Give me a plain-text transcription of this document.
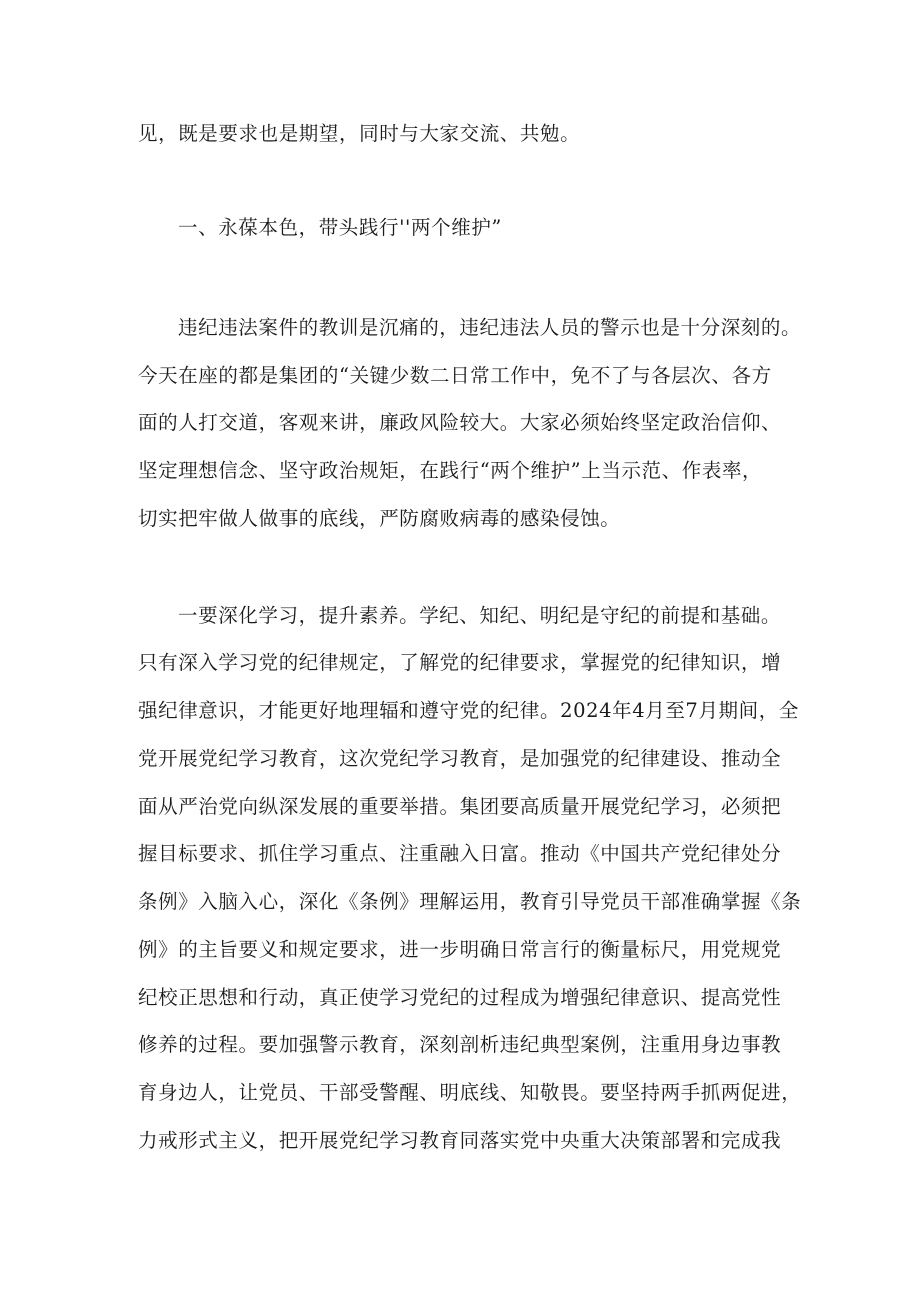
见，既是要求也是期望，同时与大家交流、共勉。
一、永葆本色，带头践行''两个维护”
违纪违法案件的教训是沉痛的，违纪违法人员的警示也是十分深刻的。
今天在座的都是集团的“关键少数二日常工作中，免不了与各层次、各方
面的人打交道，客观来讲，廉政风险较大。大家必须始终坚定政治信仰、
坚定理想信念、坚守政治规矩，在践行“两个维护”上当示范、作表率，
切实把牢做人做事的底线，严防腐败病毒的感染侵蚀。
一要深化学习，提升素养。学纪、知纪、明纪是守纪的前提和基础。
只有深入学习党的纪律规定，了解党的纪律要求，掌握党的纪律知识，增
强纪律意识，才能更好地理辐和遵守党的纪律。2024年4月至7月期间，全
党开展党纪学习教育，这次党纪学习教育，是加强党的纪律建设、推动全
面从严治党向纵深发展的重要举措。集团要高质量开展党纪学习，必须把
握目标要求、抓住学习重点、注重融入日富。推动《中国共产党纪律处分
条例》入脑入心，深化《条例》理解运用，教育引导党员干部准确掌握《条
例》的主旨要义和规定要求，进一步明确日常言行的衡量标尺，用党规党
纪校正思想和行动，真正使学习党纪的过程成为增强纪律意识、提高党性
修养的过程。要加强警示教育，深刻剖析违纪典型案例，注重用身边事教
育身边人，让党员、干部受警醒、明底线、知敬畏。要坚持两手抓两促进，
力戒形式主义，把开展党纪学习教育同落实党中央重大决策部署和完成我
